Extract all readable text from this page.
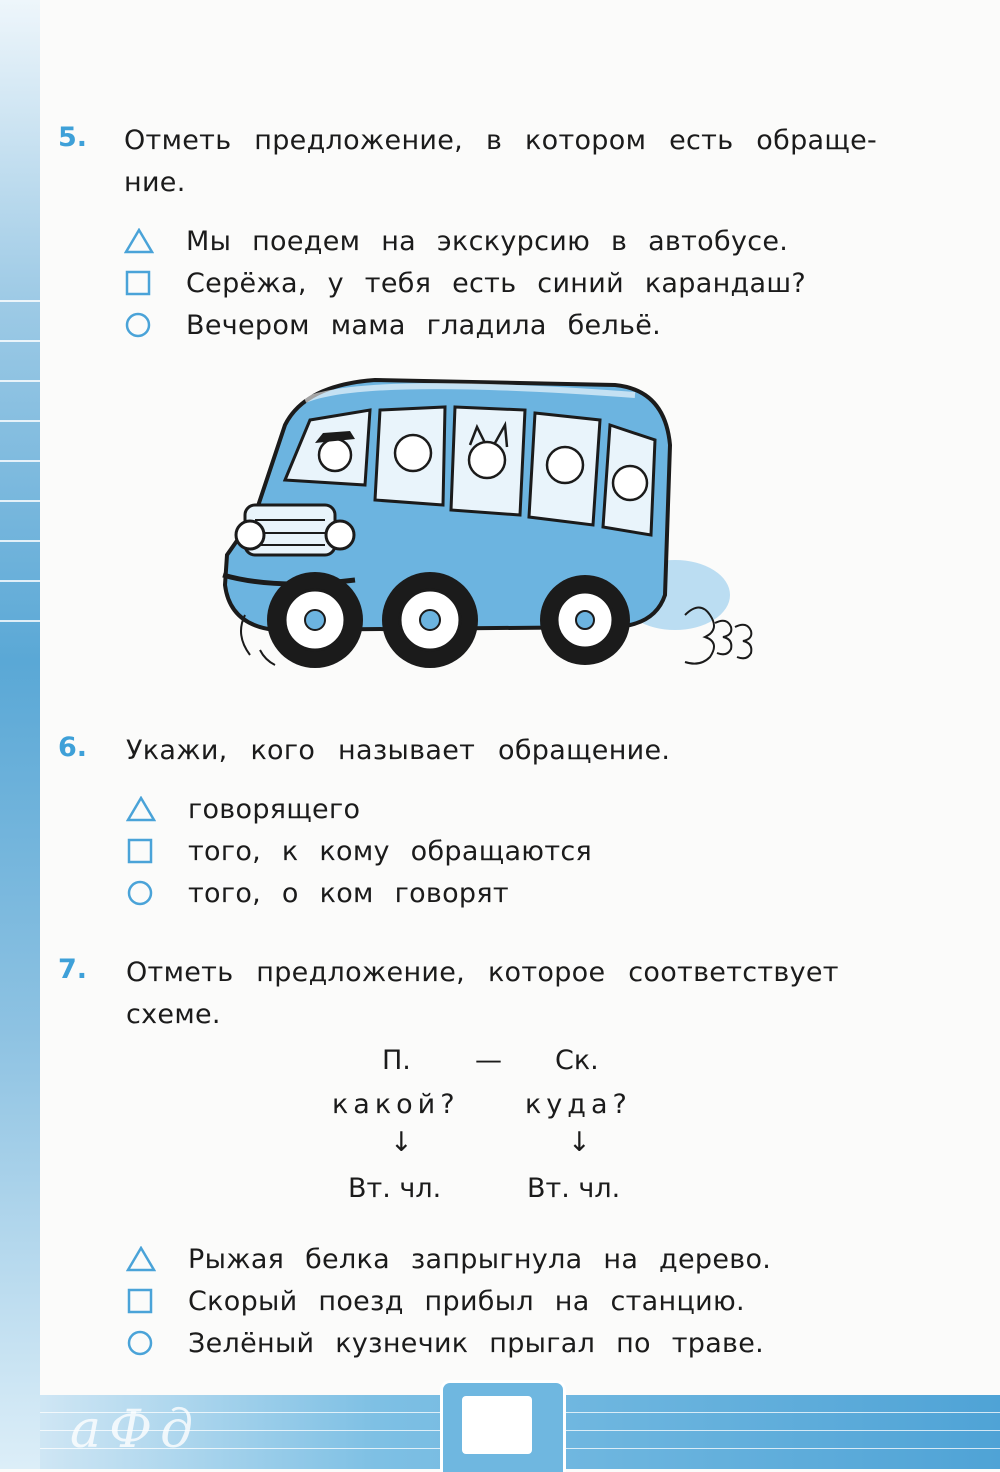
5. Отметь предложение, в котором есть обраще-
ние.
Мы поедем на экскурсию в автобусе.
Серёжа, у тебя есть синий карандаш?
Вечером мама гладила бельё.
6. Укажи, кого называет обращение.
говорящего
того, к кому обращаются
того, о ком говорят
7. Отметь предложение, которое соответствует
схеме.
П. — Ск.
какой? куда?
↓	↓
Вт. чл.	Вт. чл.
Рыжая белка запрыгнула на дерево.
Скорый поезд прибыл на станцию.
Зелёный кузнечик прыгал по траве.
аФд
